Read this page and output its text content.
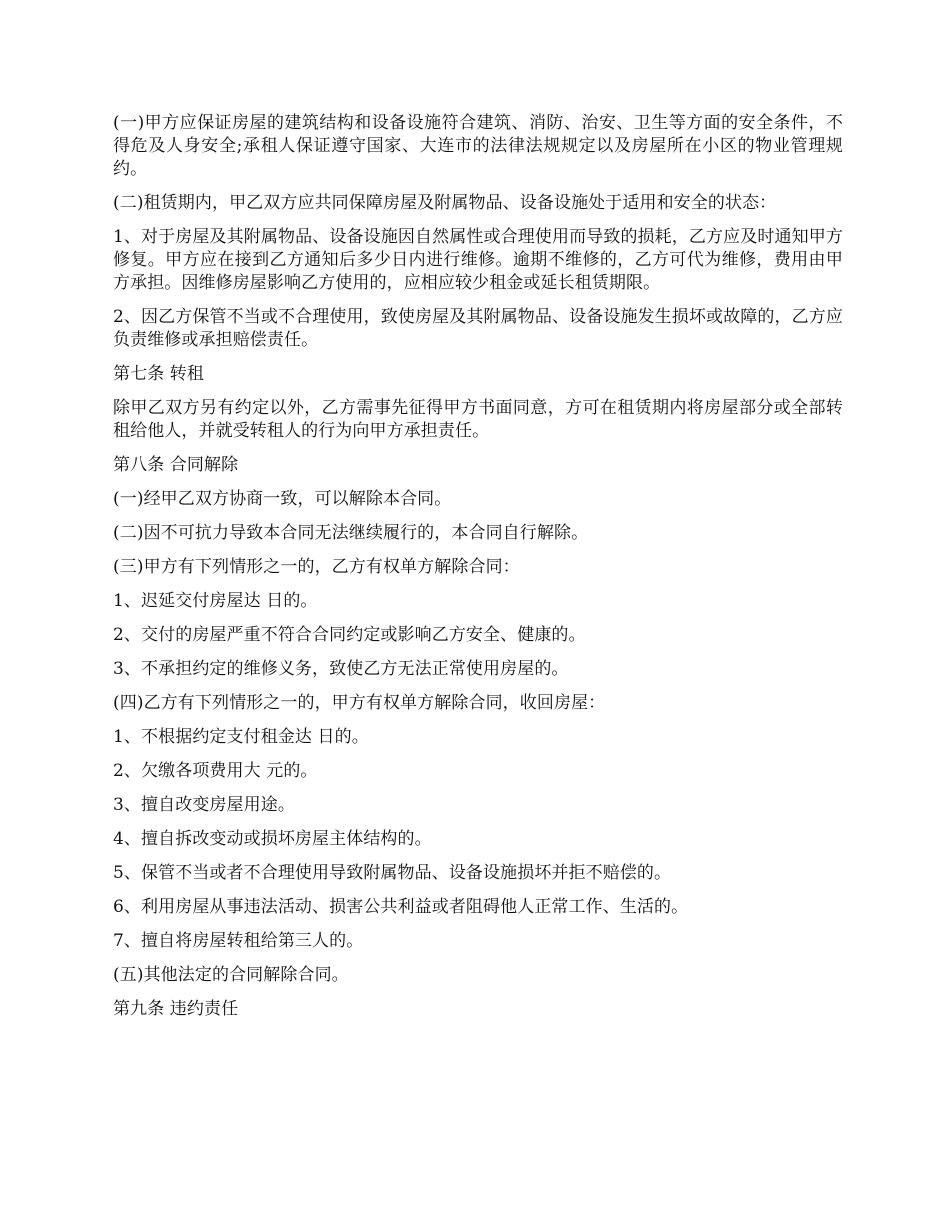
(一)甲方应保证房屋的建筑结构和设备设施符合建筑、消防、治安、卫生等方面的安全条件，不得危及人身安全;承租人保证遵守国家、大连市的法律法规规定以及房屋所在小区的物业管理规约。

(二)租赁期内，甲乙双方应共同保障房屋及附属物品、设备设施处于适用和安全的状态：

1、对于房屋及其附属物品、设备设施因自然属性或合理使用而导致的损耗，乙方应及时通知甲方修复。甲方应在接到乙方通知后多少日内进行维修。逾期不维修的，乙方可代为维修，费用由甲方承担。因维修房屋影响乙方使用的，应相应较少租金或延长租赁期限。

2、因乙方保管不当或不合理使用，致使房屋及其附属物品、设备设施发生损坏或故障的，乙方应负责维修或承担赔偿责任。

第七条 转租

除甲乙双方另有约定以外，乙方需事先征得甲方书面同意，方可在租赁期内将房屋部分或全部转租给他人，并就受转租人的行为向甲方承担责任。

第八条 合同解除

(一)经甲乙双方协商一致，可以解除本合同。

(二)因不可抗力导致本合同无法继续履行的，本合同自行解除。

(三)甲方有下列情形之一的，乙方有权单方解除合同：

1、迟延交付房屋达 日的。

2、交付的房屋严重不符合合同约定或影响乙方安全、健康的。

3、不承担约定的维修义务，致使乙方无法正常使用房屋的。

(四)乙方有下列情形之一的，甲方有权单方解除合同，收回房屋：

1、不根据约定支付租金达 日的。

2、欠缴各项费用大 元的。

3、擅自改变房屋用途。

4、擅自拆改变动或损坏房屋主体结构的。

5、保管不当或者不合理使用导致附属物品、设备设施损坏并拒不赔偿的。

6、利用房屋从事违法活动、损害公共利益或者阻碍他人正常工作、生活的。

7、擅自将房屋转租给第三人的。

(五)其他法定的合同解除合同。

第九条 违约责任
